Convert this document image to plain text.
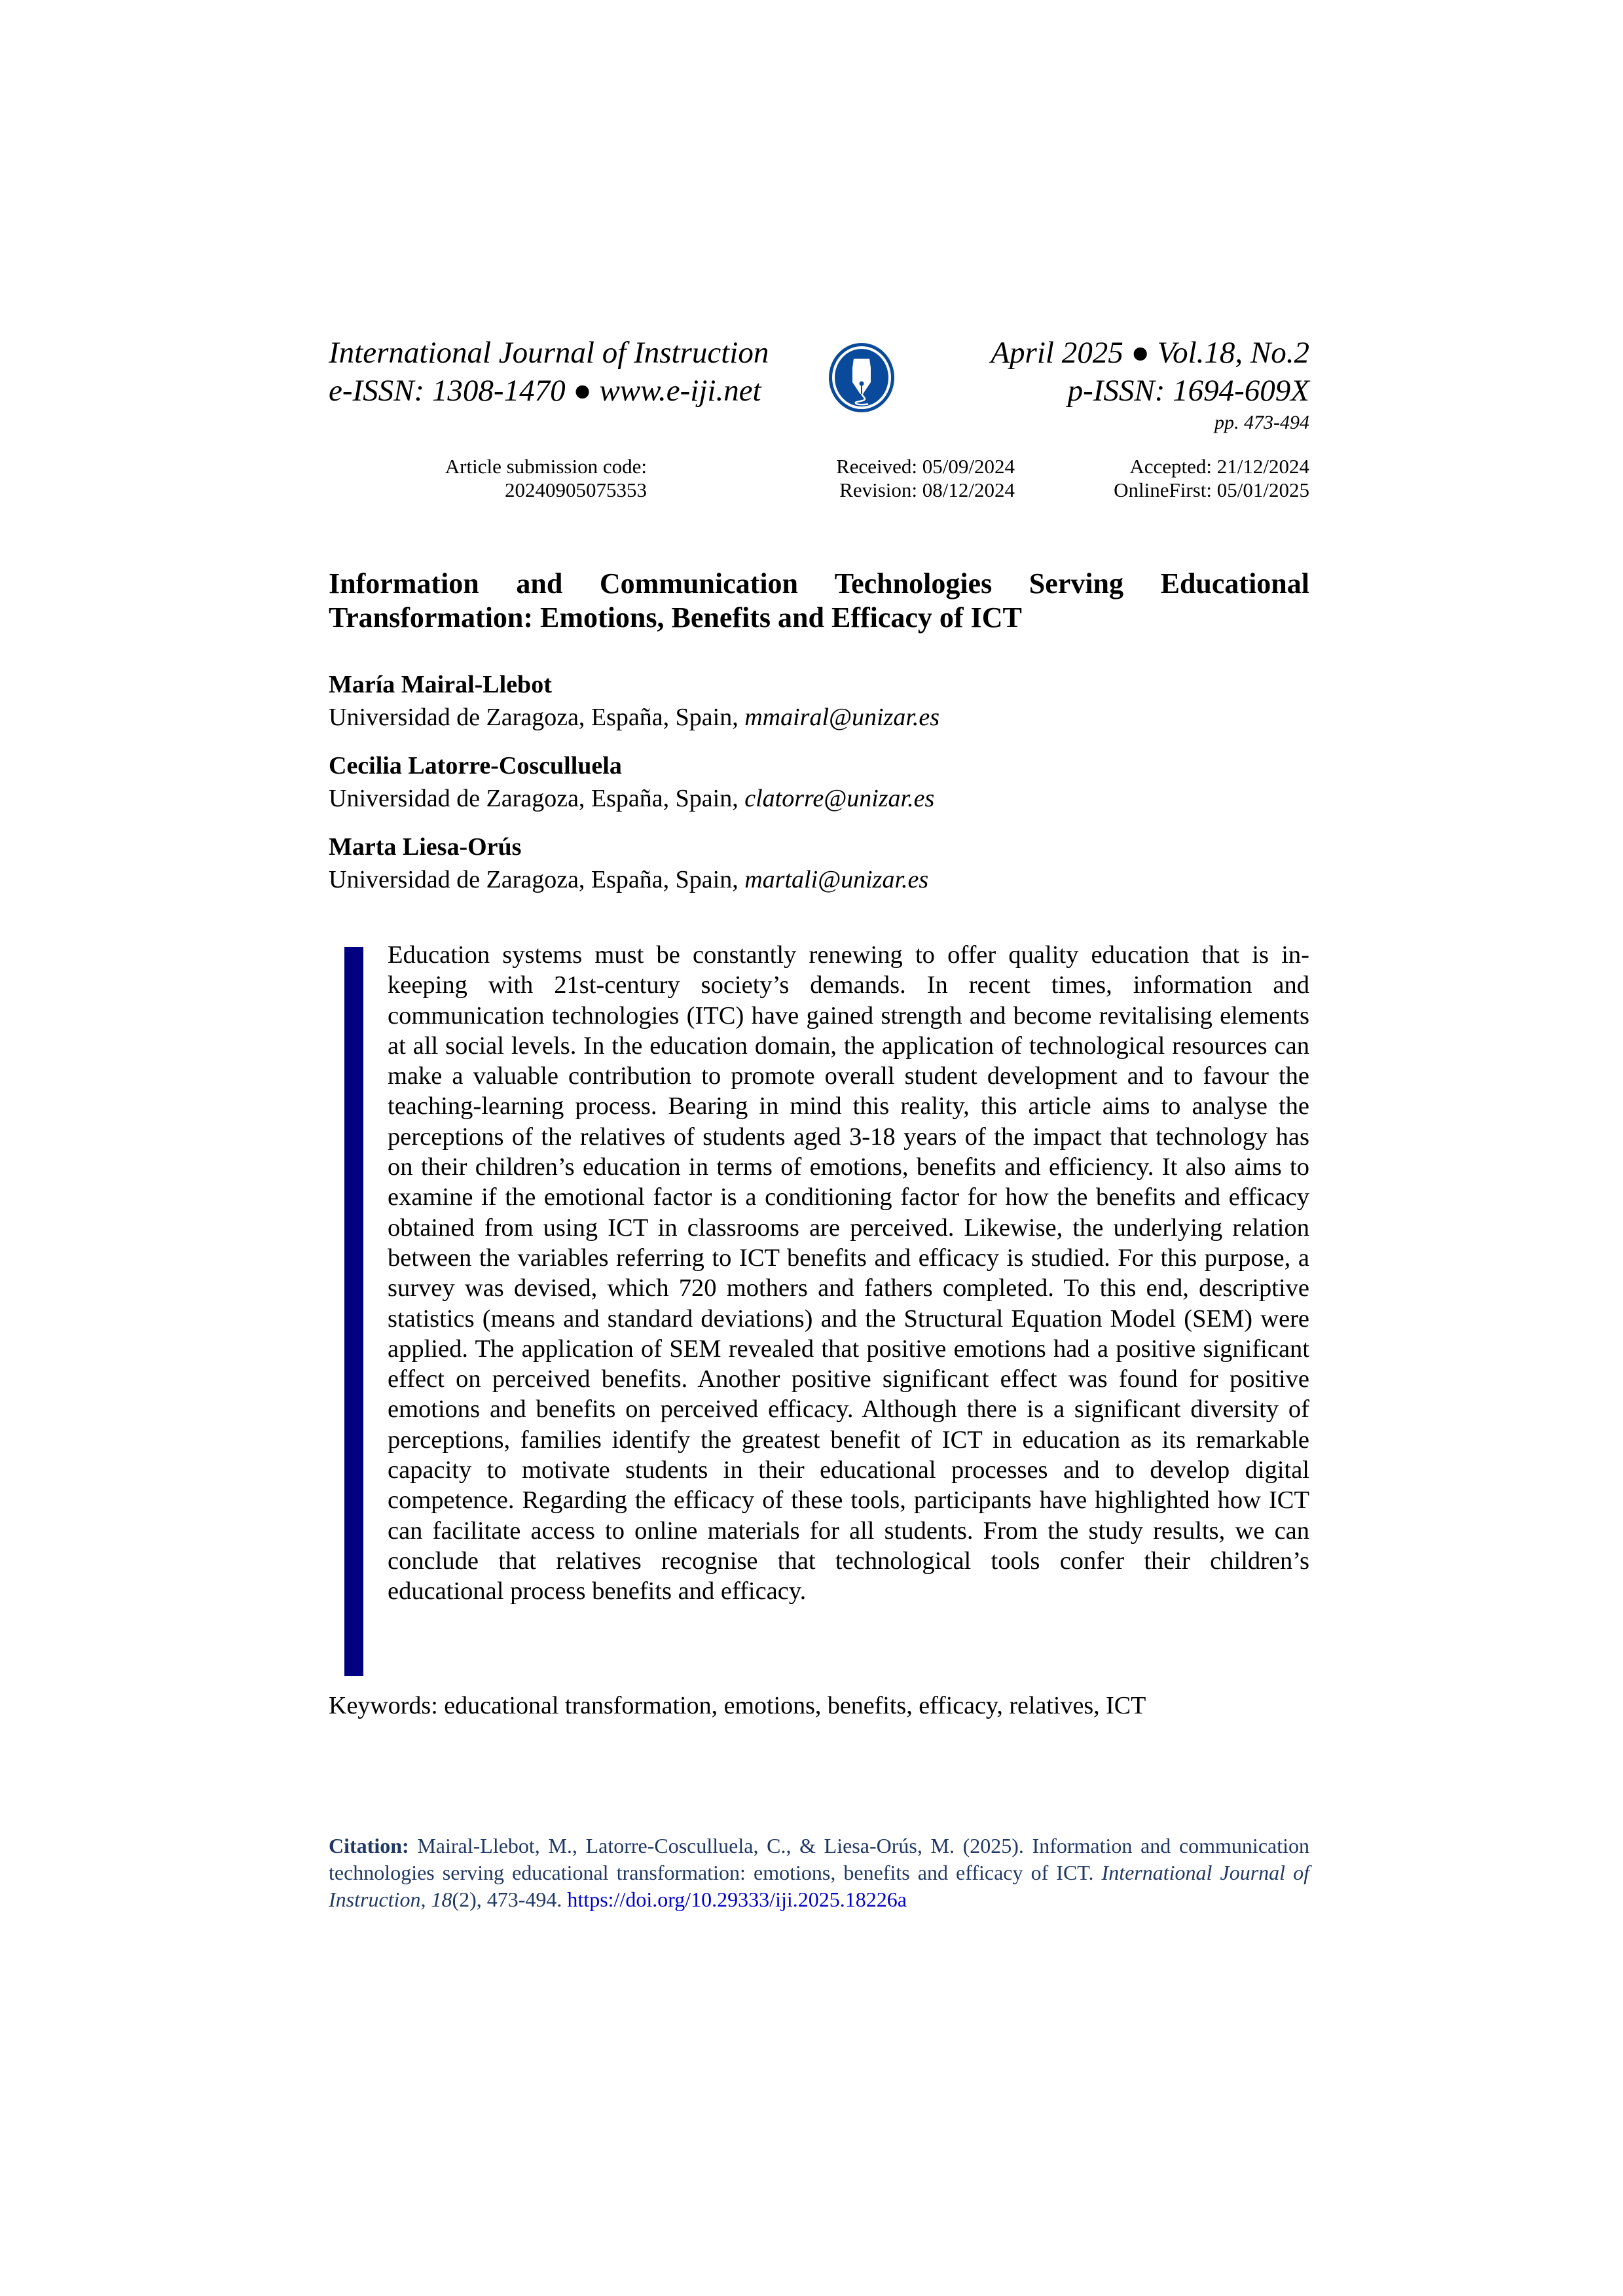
International Journal of Instruction
e-ISSN: 1308-1470 ● www.e-iji.net
April 2025 ● Vol.18, No.2
p-ISSN: 1694-609X
pp. 473-494
Article submission code:
20240905075353
Received: 05/09/2024
Revision: 08/12/2024
Accepted: 21/12/2024
OnlineFirst: 05/01/2025
Information and Communication Technologies Serving Educational Transformation: Emotions, Benefits and Efficacy of ICT
María Mairal-Llebot
Universidad de Zaragoza, España, Spain, mmairal@unizar.es
Cecilia Latorre-Cosculluela
Universidad de Zaragoza, España, Spain, clatorre@unizar.es
Marta Liesa-Orús
Universidad de Zaragoza, España, Spain, martali@unizar.es
Education systems must be constantly renewing to offer quality education that is in-keeping with 21st-century society’s demands. In recent times, information and communication technologies (ITC) have gained strength and become revitalising elements at all social levels. In the education domain, the application of technological resources can make a valuable contribution to promote overall student development and to favour the teaching-learning process. Bearing in mind this reality, this article aims to analyse the perceptions of the relatives of students aged 3-18 years of the impact that technology has on their children’s education in terms of emotions, benefits and efficiency. It also aims to examine if the emotional factor is a conditioning factor for how the benefits and efficacy obtained from using ICT in classrooms are perceived. Likewise, the underlying relation between the variables referring to ICT benefits and efficacy is studied. For this purpose, a survey was devised, which 720 mothers and fathers completed. To this end, descriptive statistics (means and standard deviations) and the Structural Equation Model (SEM) were applied. The application of SEM revealed that positive emotions had a positive significant effect on perceived benefits. Another positive significant effect was found for positive emotions and benefits on perceived efficacy. Although there is a significant diversity of perceptions, families identify the greatest benefit of ICT in education as its remarkable capacity to motivate students in their educational processes and to develop digital competence. Regarding the efficacy of these tools, participants have highlighted how ICT can facilitate access to online materials for all students. From the study results, we can conclude that relatives recognise that technological tools confer their children’s educational process benefits and efficacy.
Keywords: educational transformation, emotions, benefits, efficacy, relatives, ICT
Citation: Mairal-Llebot, M., Latorre-Cosculluela, C., & Liesa-Orús, M. (2025). Information and communication technologies serving educational transformation: emotions, benefits and efficacy of ICT. International Journal of Instruction, 18(2), 473-494. https://doi.org/10.29333/iji.2025.18226a
